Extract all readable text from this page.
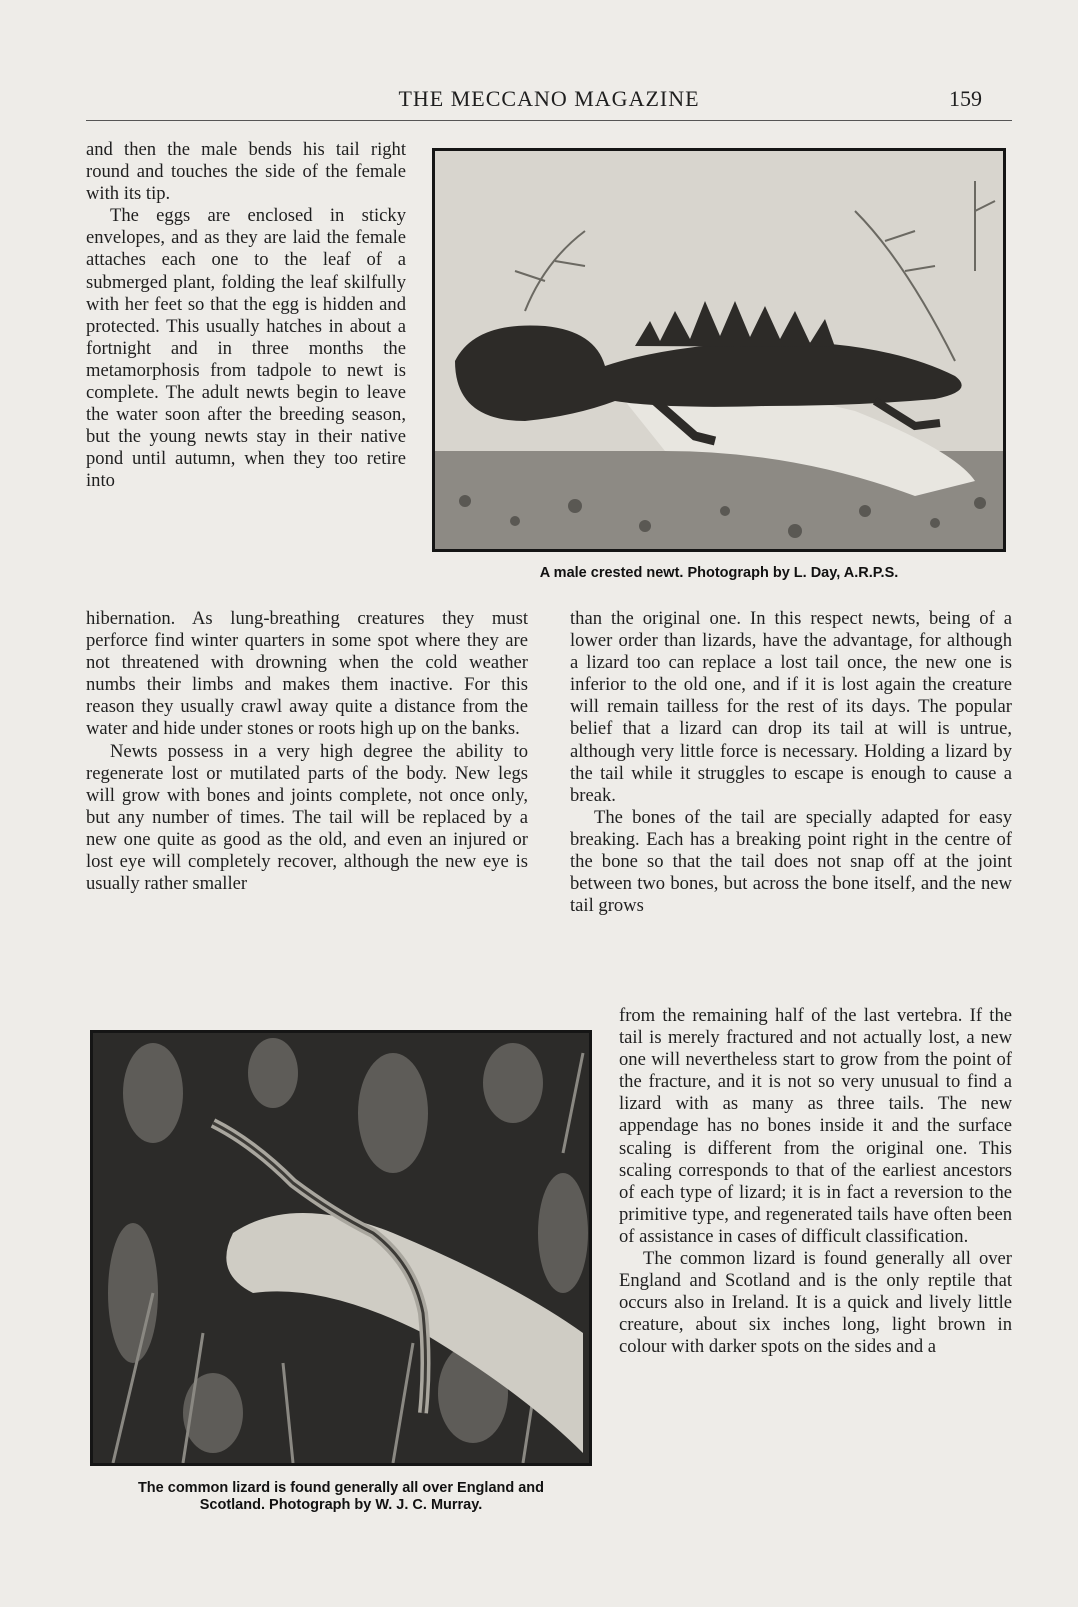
THE MECCANO MAGAZINE	159

and then the male bends his tail right round and touches the side of the female with its tip.

The eggs are enclosed in sticky envelopes, and as they are laid the female attaches each one to the leaf of a submerged plant, folding the leaf skilfully with her feet so that the egg is hidden and protected. This usually hatches in about a fortnight and in three months the metamorphosis from tadpole to newt is complete. The adult newts begin to leave the water soon after the breeding season, but the young newts stay in their native pond until autumn, when they too retire into

A male crested newt. Photograph by L. Day, A.R.P.S.

hibernation. As lung-breathing creatures they must perforce find winter quarters in some spot where they are not threatened with drowning when the cold weather numbs their limbs and makes them inactive. For this reason they usually crawl away quite a distance from the water and hide under stones or roots high up on the banks.

Newts possess in a very high degree the ability to regenerate lost or mutilated parts of the body. New legs will grow with bones and joints complete, not once only, but any number of times. The tail will be replaced by a new one quite as good as the old, and even an injured or lost eye will completely recover, although the new eye is usually rather smaller

than the original one. In this respect newts, being of a lower order than lizards, have the advantage, for although a lizard too can replace a lost tail once, the new one is inferior to the old one, and if it is lost again the creature will remain tailless for the rest of its days. The popular belief that a lizard can drop its tail at will is untrue, although very little force is necessary. Holding a lizard by the tail while it struggles to escape is enough to cause a break.

The bones of the tail are specially adapted for easy breaking. Each has a breaking point right in the centre of the bone so that the tail does not snap off at the joint between two bones, but across the bone itself, and the new tail grows

from the remaining half of the last vertebra. If the tail is merely fractured and not actually lost, a new one will nevertheless start to grow from the point of the fracture, and it is not so very unusual to find a lizard with as many as three tails. The new appendage has no bones inside it and the surface scaling is different from the original one. This scaling corresponds to that of the earliest ancestors of each type of lizard; it is in fact a reversion to the primitive type, and regenerated tails have often been of assistance in cases of difficult classification.

The common lizard is found generally all over England and Scotland and is the only reptile that occurs also in Ireland. It is a quick and lively little creature, about six inches long, light brown in colour with darker spots on the sides and a

The common lizard is found generally all over England and
Scotland. Photograph by W. J. C. Murray.
